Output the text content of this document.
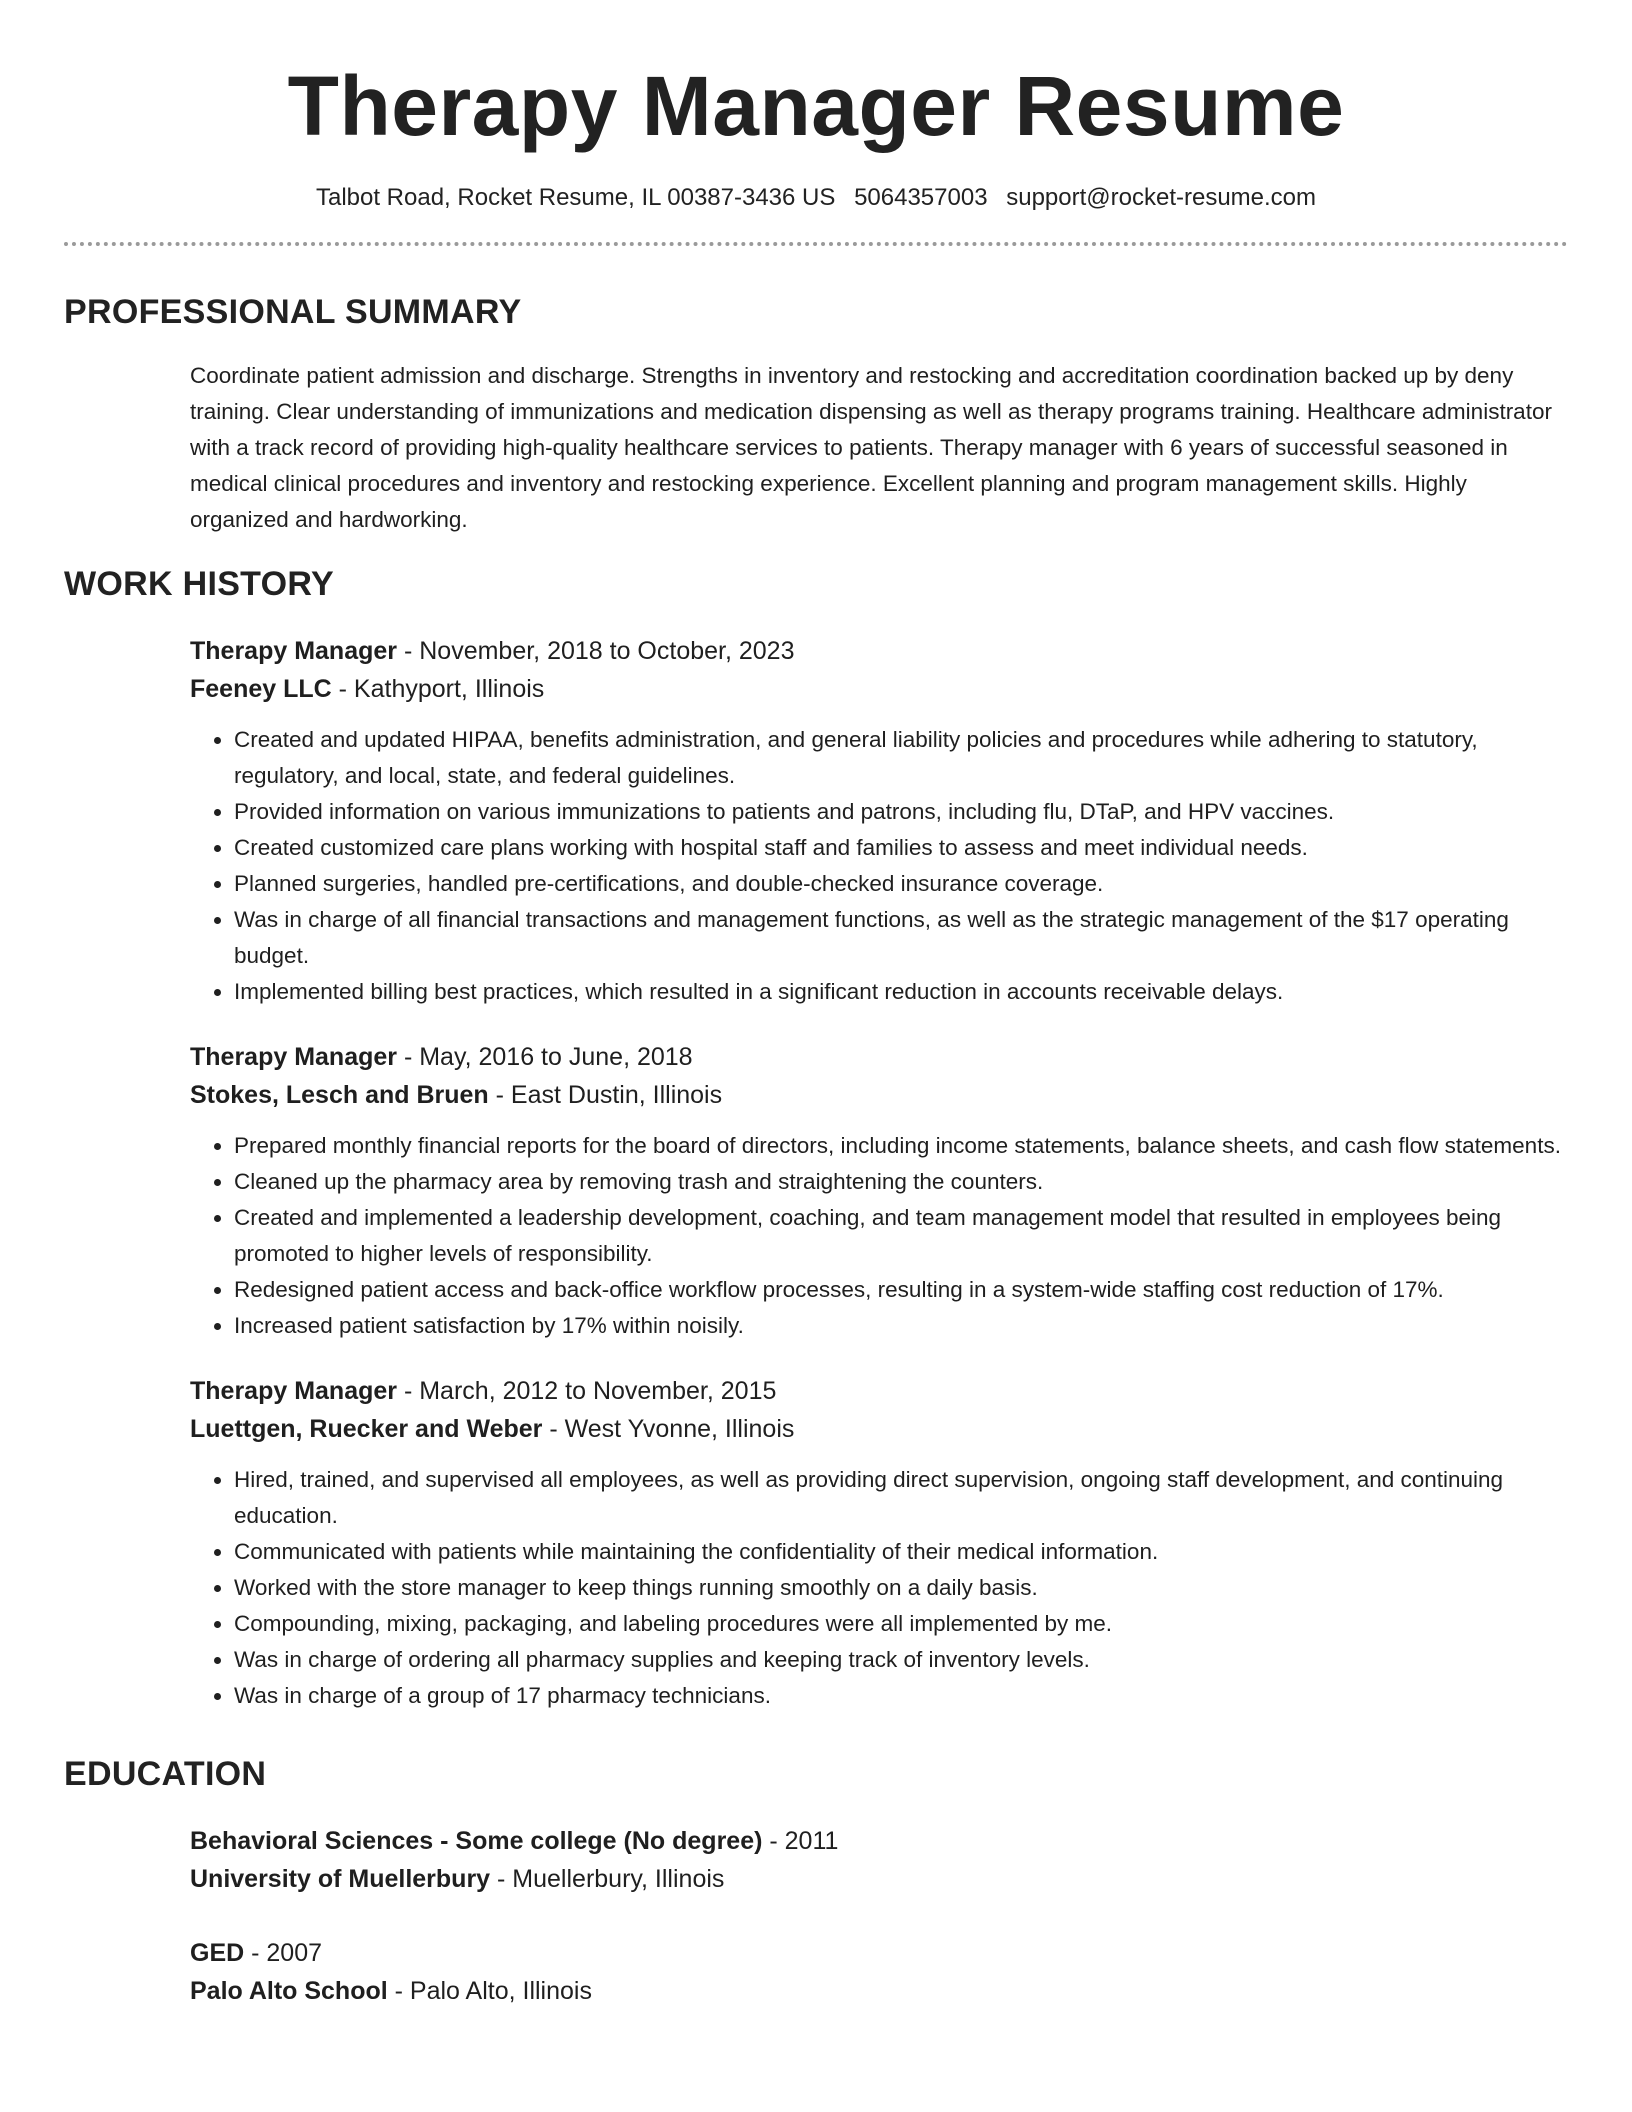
Therapy Manager Resume
Talbot Road, Rocket Resume, IL 00387-3436 US 5064357003 support@rocket-resume.com
PROFESSIONAL SUMMARY
Coordinate patient admission and discharge. Strengths in inventory and restocking and accreditation coordination backed up by deny training. Clear understanding of immunizations and medication dispensing as well as therapy programs training. Healthcare administrator with a track record of providing high-quality healthcare services to patients. Therapy manager with 6 years of successful seasoned in medical clinical procedures and inventory and restocking experience. Excellent planning and program management skills. Highly organized and hardworking.
WORK HISTORY
Therapy Manager - November, 2018 to October, 2023
Feeney LLC - Kathyport, Illinois
• Created and updated HIPAA, benefits administration, and general liability policies and procedures while adhering to statutory, regulatory, and local, state, and federal guidelines.
• Provided information on various immunizations to patients and patrons, including flu, DTaP, and HPV vaccines.
• Created customized care plans working with hospital staff and families to assess and meet individual needs.
• Planned surgeries, handled pre-certifications, and double-checked insurance coverage.
• Was in charge of all financial transactions and management functions, as well as the strategic management of the $17 operating budget.
• Implemented billing best practices, which resulted in a significant reduction in accounts receivable delays.
Therapy Manager - May, 2016 to June, 2018
Stokes, Lesch and Bruen - East Dustin, Illinois
• Prepared monthly financial reports for the board of directors, including income statements, balance sheets, and cash flow statements.
• Cleaned up the pharmacy area by removing trash and straightening the counters.
• Created and implemented a leadership development, coaching, and team management model that resulted in employees being promoted to higher levels of responsibility.
• Redesigned patient access and back-office workflow processes, resulting in a system-wide staffing cost reduction of 17%.
• Increased patient satisfaction by 17% within noisily.
Therapy Manager - March, 2012 to November, 2015
Luettgen, Ruecker and Weber - West Yvonne, Illinois
• Hired, trained, and supervised all employees, as well as providing direct supervision, ongoing staff development, and continuing education.
• Communicated with patients while maintaining the confidentiality of their medical information.
• Worked with the store manager to keep things running smoothly on a daily basis.
• Compounding, mixing, packaging, and labeling procedures were all implemented by me.
• Was in charge of ordering all pharmacy supplies and keeping track of inventory levels.
• Was in charge of a group of 17 pharmacy technicians.
EDUCATION
Behavioral Sciences - Some college (No degree) - 2011
University of Muellerbury - Muellerbury, Illinois
GED - 2007
Palo Alto School - Palo Alto, Illinois
